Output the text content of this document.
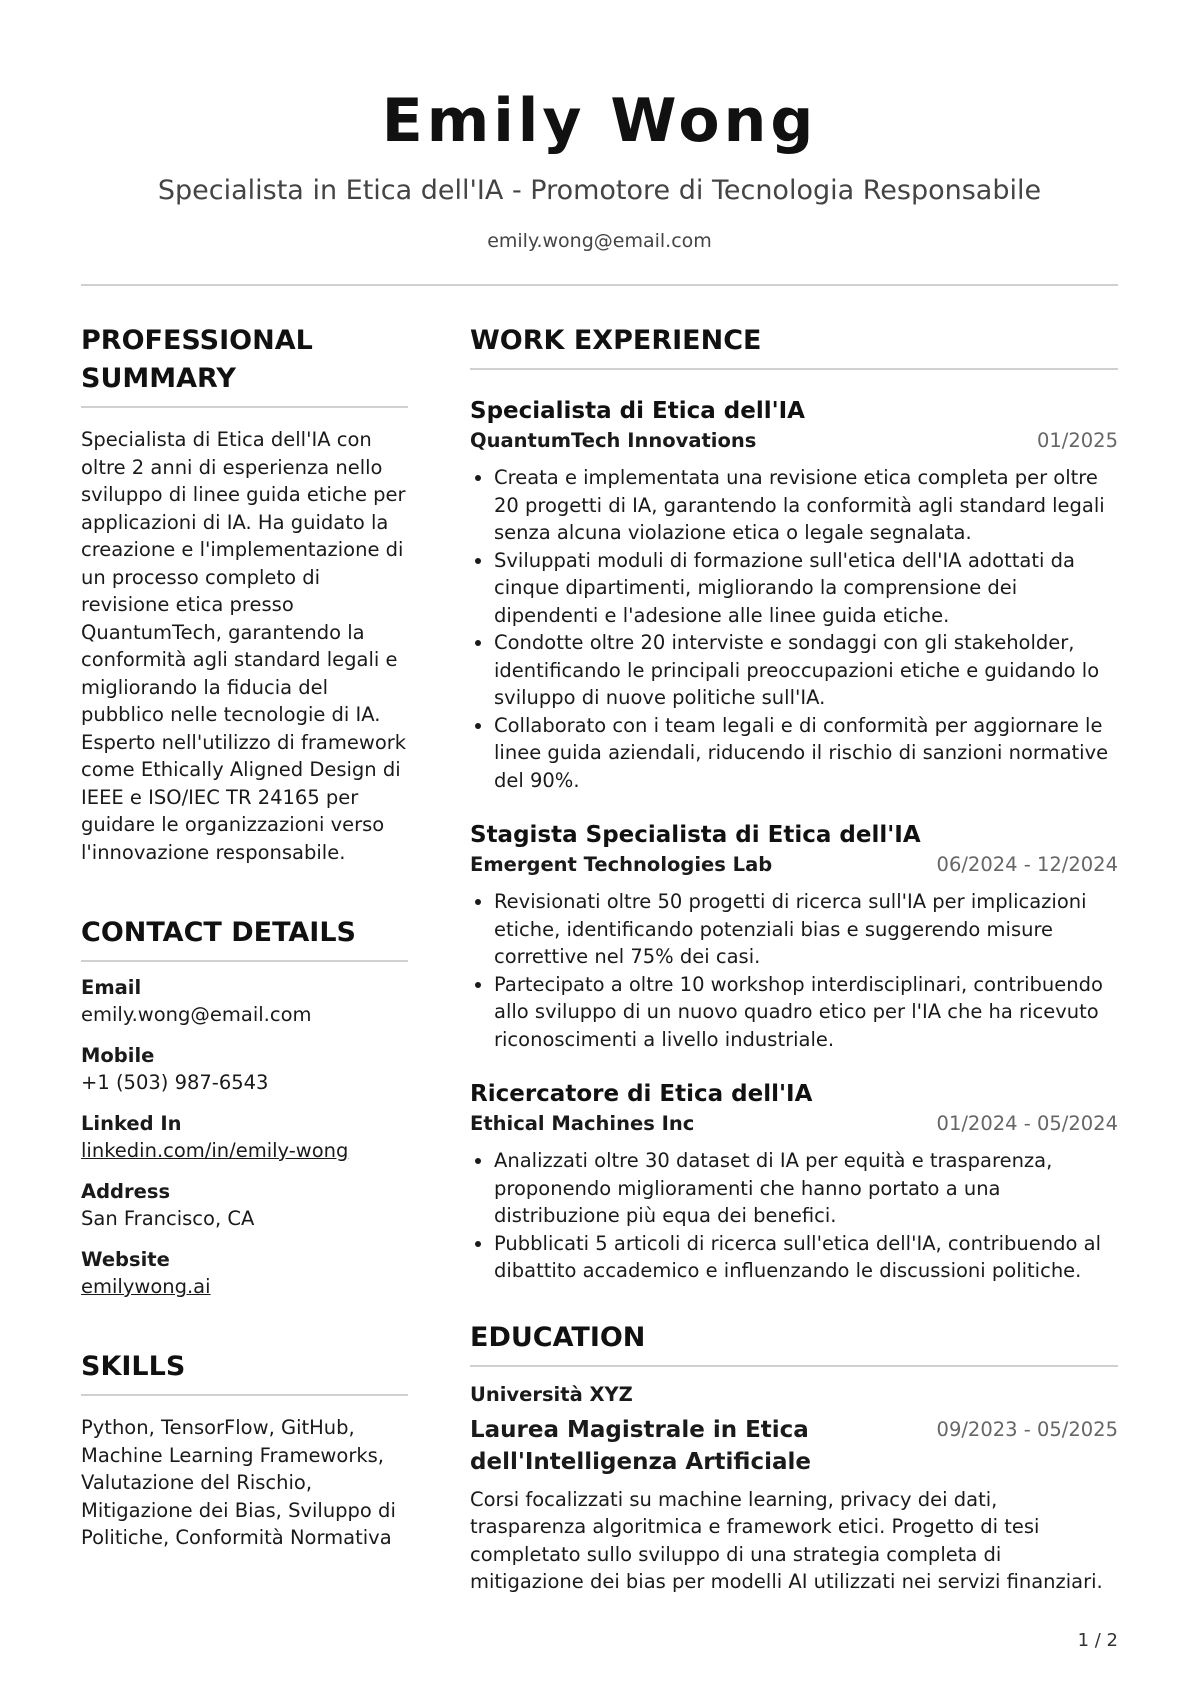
Emily Wong
Specialista in Etica dell'IA - Promotore di Tecnologia Responsabile
emily.wong@email.com
PROFESSIONAL SUMMARY
Specialista di Etica dell'IA con oltre 2 anni di esperienza nello sviluppo di linee guida etiche per applicazioni di IA. Ha guidato la creazione e l'implementazione di un processo completo di revisione etica presso QuantumTech, garantendo la conformità agli standard legali e migliorando la fiducia del pubblico nelle tecnologie di IA. Esperto nell'utilizzo di framework come Ethically Aligned Design di IEEE e ISO/IEC TR 24165 per guidare le organizzazioni verso l'innovazione responsabile.
CONTACT DETAILS
Email
emily.wong@email.com
Mobile
+1 (503) 987-6543
Linked In
linkedin.com/in/emily-wong
Address
San Francisco, CA
Website
emilywong.ai
SKILLS
Python, TensorFlow, GitHub, Machine Learning Frameworks, Valutazione del Rischio, Mitigazione dei Bias, Sviluppo di Politiche, Conformità Normativa
WORK EXPERIENCE
Specialista di Etica dell'IA
QuantumTech Innovations	01/2025
• Creata e implementata una revisione etica completa per oltre 20 progetti di IA, garantendo la conformità agli standard legali senza alcuna violazione etica o legale segnalata.
• Sviluppati moduli di formazione sull'etica dell'IA adottati da cinque dipartimenti, migliorando la comprensione dei dipendenti e l'adesione alle linee guida etiche.
• Condotte oltre 20 interviste e sondaggi con gli stakeholder, identificando le principali preoccupazioni etiche e guidando lo sviluppo di nuove politiche sull'IA.
• Collaborato con i team legali e di conformità per aggiornare le linee guida aziendali, riducendo il rischio di sanzioni normative del 90%.
Stagista Specialista di Etica dell'IA
Emergent Technologies Lab	06/2024 - 12/2024
• Revisionati oltre 50 progetti di ricerca sull'IA per implicazioni etiche, identificando potenziali bias e suggerendo misure correttive nel 75% dei casi.
• Partecipato a oltre 10 workshop interdisciplinari, contribuendo allo sviluppo di un nuovo quadro etico per l'IA che ha ricevuto riconoscimenti a livello industriale.
Ricercatore di Etica dell'IA
Ethical Machines Inc	01/2024 - 05/2024
• Analizzati oltre 30 dataset di IA per equità e trasparenza, proponendo miglioramenti che hanno portato a una distribuzione più equa dei benefici.
• Pubblicati 5 articoli di ricerca sull'etica dell'IA, contribuendo al dibattito accademico e influenzando le discussioni politiche.
EDUCATION
Università XYZ
Laurea Magistrale in Etica dell'Intelligenza Artificiale
09/2023 - 05/2025
Corsi focalizzati su machine learning, privacy dei dati, trasparenza algoritmica e framework etici. Progetto di tesi completato sullo sviluppo di una strategia completa di mitigazione dei bias per modelli AI utilizzati nei servizi finanziari.
1 / 2
